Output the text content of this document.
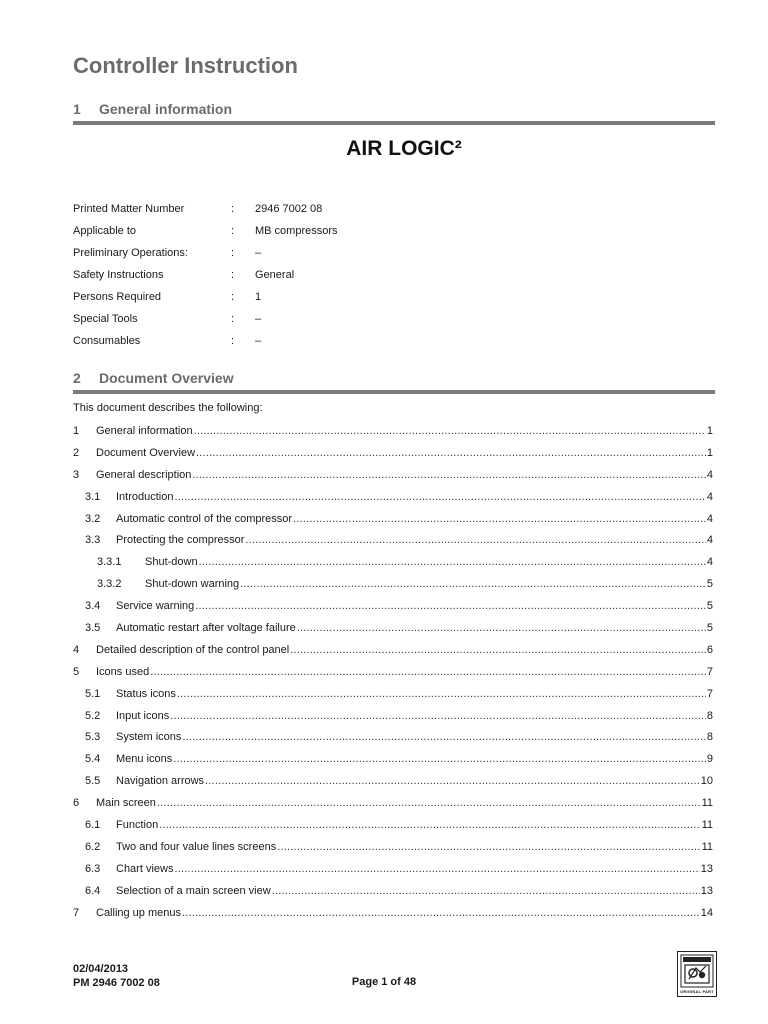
Controller Instruction
1 General information
AIR LOGIC²
Printed Matter Number	:	2946 7002 08
Applicable to	:	MB compressors
Preliminary Operations:	:	–
Safety Instructions	:	General
Persons Required	:	1
Special Tools	:	–
Consumables	:	–
2 Document Overview
This document describes the following:
1	General information .....	1
2	Document Overview .....	1
3	General description .....	4
3.1	Introduction .....	4
3.2	Automatic control of the compressor .....	4
3.3	Protecting the compressor .....	4
3.3.1	Shut-down .....	4
3.3.2	Shut-down warning .....	5
3.4	Service warning .....	5
3.5	Automatic restart after voltage failure .....	5
4	Detailed description of the control panel .....	6
5	Icons used .....	7
5.1	Status icons .....	7
5.2	Input icons .....	8
5.3	System icons .....	8
5.4	Menu icons .....	9
5.5	Navigation arrows .....	10
6	Main screen .....	11
6.1	Function .....	11
6.2	Two and four value lines screens .....	11
6.3	Chart views .....	13
6.4	Selection of a main screen view .....	13
7	Calling up menus .....	14
02/04/2013
PM 2946 7002 08	Page 1 of 48
ORIGINAL PART
